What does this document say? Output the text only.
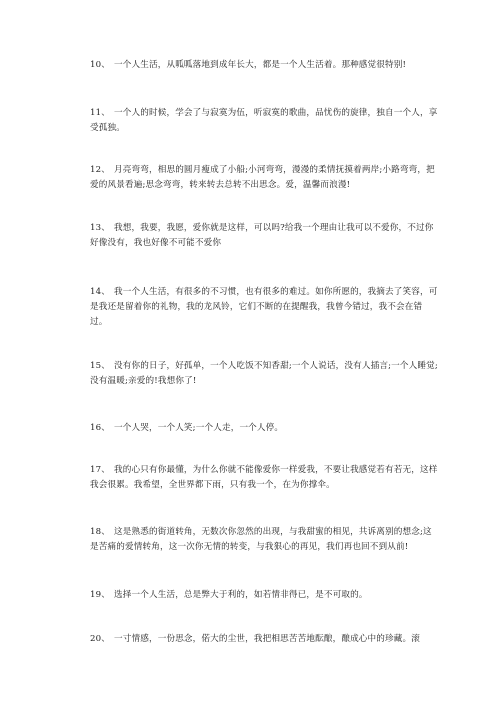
10、 一个人生活，从呱呱落地到成年长大，都是一个人生活着。那种感觉很特别!

11、 一个人的时候，学会了与寂寞为伍，听寂寞的歌曲，品忧伤的旋律，独自一个人，享受孤独。

12、 月亮弯弯，相思的圆月瘦成了小船;小河弯弯，漫漫的柔情抚摸着两岸;小路弯弯，把爱的风景看遍;思念弯弯，转来转去总转不出思念。爱，温馨而浪漫!

13、 我想，我要，我愿，爱你就是这样，可以吗?给我一个理由让我可以不爱你，不过你好像没有，我也好像不可能不爱你

14、 我一个人生活，有很多的不习惯，也有很多的难过。如你所愿的，我摘去了笑容，可是我还是留着你的礼物，我的龙风铃，它们不断的在提醒我，我曾今错过，我不会在错过。

15、 没有你的日子，好孤单，一个人吃饭不知香甜;一个人说话，没有人插言;一个人睡觉;没有温暖;亲爱的!我想你了!

16、 一个人哭，一个人笑;一个人走，一个人停。

17、 我的心只有你最懂，为什么你就不能像爱你一样爱我，不要让我感觉若有若无，这样我会很累。我希望，全世界都下雨，只有我一个，在为你撑伞。

18、 这是熟悉的街道转角，无数次你忽然的出现，与我甜蜜的相见，共诉离别的想念;这是苦痛的爱情转角，这一次你无情的转变，与我狠心的再见，我们再也回不到从前!

19、 选择一个人生活，总是弊大于利的，如若情非得已，是不可取的。

20、 一寸情感，一份思念，偌大的尘世，我把相思苦苦地酝酿，酿成心中的珍藏。滚
